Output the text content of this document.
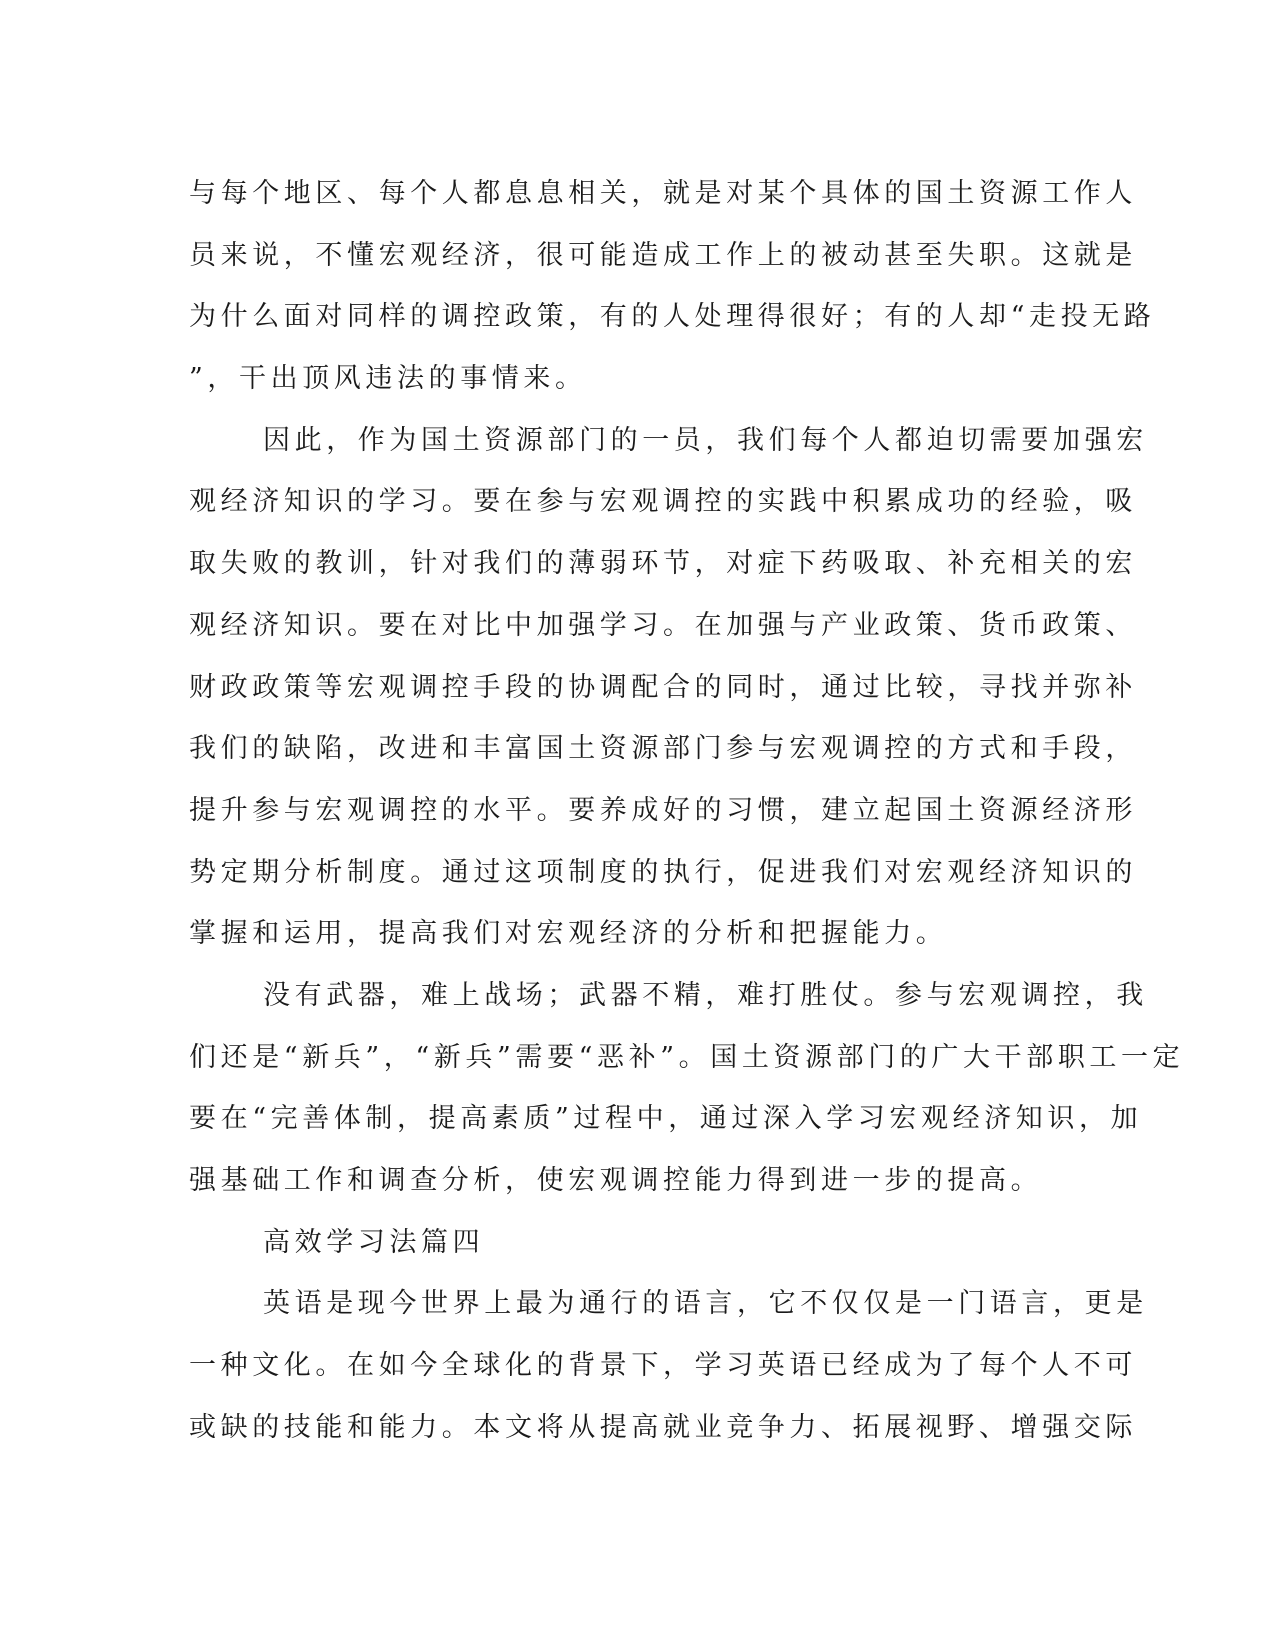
与每个地区、每个人都息息相关，就是对某个具体的国土资源工作人
员来说，不懂宏观经济，很可能造成工作上的被动甚至失职。这就是
为什么面对同样的调控政策，有的人处理得很好；有的人却“走投无路
”，干出顶风违法的事情来。
因此，作为国土资源部门的一员，我们每个人都迫切需要加强宏
观经济知识的学习。要在参与宏观调控的实践中积累成功的经验，吸
取失败的教训，针对我们的薄弱环节，对症下药吸取、补充相关的宏
观经济知识。要在对比中加强学习。在加强与产业政策、货币政策、
财政政策等宏观调控手段的协调配合的同时，通过比较，寻找并弥补
我们的缺陷，改进和丰富国土资源部门参与宏观调控的方式和手段，
提升参与宏观调控的水平。要养成好的习惯，建立起国土资源经济形
势定期分析制度。通过这项制度的执行，促进我们对宏观经济知识的
掌握和运用，提高我们对宏观经济的分析和把握能力。
没有武器，难上战场；武器不精，难打胜仗。参与宏观调控，我
们还是“新兵”，“新兵”需要“恶补”。国土资源部门的广大干部职工一定
要在“完善体制，提高素质”过程中，通过深入学习宏观经济知识，加
强基础工作和调查分析，使宏观调控能力得到进一步的提高。
高效学习法篇四
英语是现今世界上最为通行的语言，它不仅仅是一门语言，更是
一种文化。在如今全球化的背景下，学习英语已经成为了每个人不可
或缺的技能和能力。本文将从提高就业竞争力、拓展视野、增强交际
